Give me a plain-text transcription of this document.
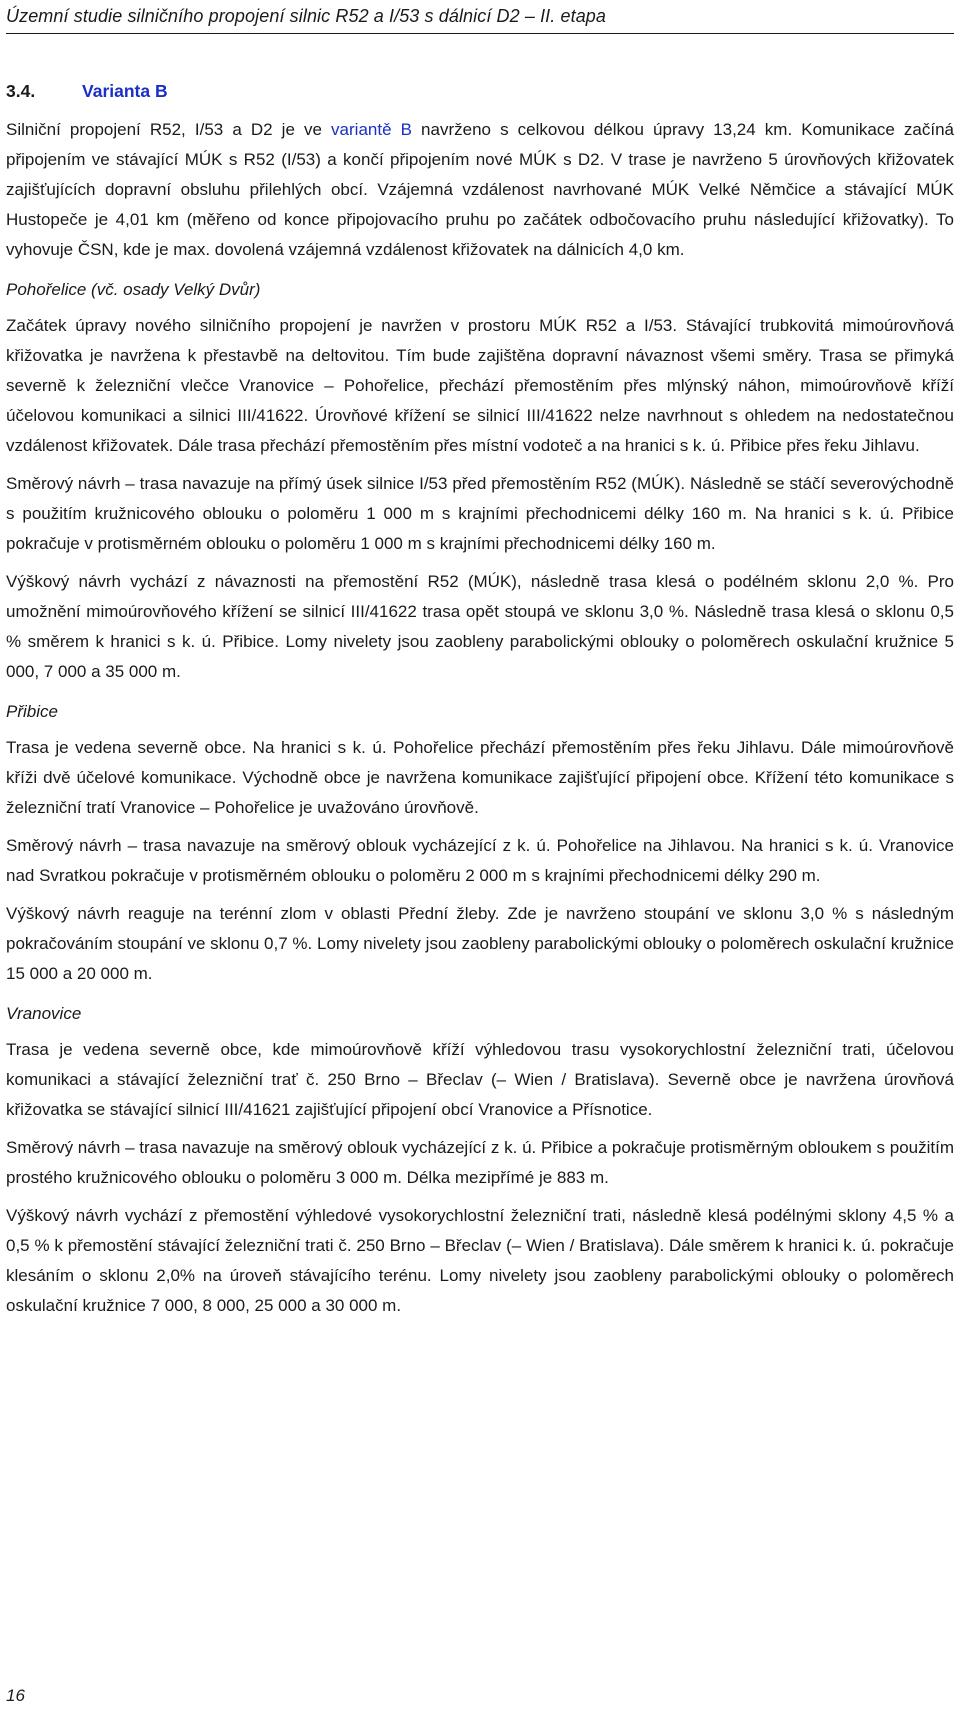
Územní studie silničního propojení silnic R52 a I/53 s dálnicí D2 – II. etapa
3.4.	Varianta B

Silniční propojení R52, I/53 a D2 je ve variantě B navrženo s celkovou délkou úpravy 13,24 km. Komunikace začíná připojením ve stávající MÚK s R52 (I/53) a končí připojením nové MÚK s D2. V trase je navrženo 5 úrovňových křižovatek zajišťujících dopravní obsluhu přilehlých obcí. Vzájemná vzdálenost navrhované MÚK Velké Němčice a stávající MÚK Hustopeče je 4,01 km (měřeno od konce připojovacího pruhu po začátek odbočovacího pruhu následující křižovatky). To vyhovuje ČSN, kde je max. dovolená vzájemná vzdálenost křižovatek na dálnicích 4,0 km.

Pohořelice (vč. osady Velký Dvůr)

Začátek úpravy nového silničního propojení je navržen v prostoru MÚK R52 a I/53. Stávající trubkovitá mimoúrovňová křižovatka je navržena k přestavbě na deltovitou. Tím bude zajištěna dopravní návaznost všemi směry. Trasa se přimyká severně k železniční vlečce Vranovice – Pohořelice, přechází přemostěním přes mlýnský náhon, mimoúrovňově kříží účelovou komunikaci a silnici III/41622. Úrovňové křížení se silnicí III/41622 nelze navrhnout s ohledem na nedostatečnou vzdálenost křižovatek. Dále trasa přechází přemostěním přes místní vodoteč a na hranici s k. ú. Přibice přes řeku Jihlavu.

Směrový návrh – trasa navazuje na přímý úsek silnice I/53 před přemostěním R52 (MÚK). Následně se stáčí severovýchodně s použitím kružnicového oblouku o poloměru 1 000 m s krajními přechodnicemi délky 160 m. Na hranici s k. ú. Přibice pokračuje v protisměrném oblouku o poloměru 1 000 m s krajními přechodnicemi délky 160 m.

Výškový návrh vychází z návaznosti na přemostění R52 (MÚK), následně trasa klesá o podélném sklonu 2,0 %. Pro umožnění mimoúrovňového křížení se silnicí III/41622 trasa opět stoupá ve sklonu 3,0 %. Následně trasa klesá o sklonu 0,5 % směrem k hranici s k. ú. Přibice. Lomy nivelety jsou zaobleny parabolickými oblouky o poloměrech oskulační kružnice 5 000, 7 000 a 35 000 m.

Přibice

Trasa je vedena severně obce. Na hranici s k. ú. Pohořelice přechází přemostěním přes řeku Jihlavu. Dále mimoúrovňově kříži dvě účelové komunikace. Východně obce je navržena komunikace zajišťující připojení obce. Křížení této komunikace s železniční tratí Vranovice – Pohořelice je uvažováno úrovňově.

Směrový návrh – trasa navazuje na směrový oblouk vycházející z k. ú. Pohořelice na Jihlavou. Na hranici s k. ú. Vranovice nad Svratkou pokračuje v protisměrném oblouku o poloměru 2 000 m s krajními přechodnicemi délky 290 m.

Výškový návrh reaguje na terénní zlom v oblasti Přední žleby. Zde je navrženo stoupání ve sklonu 3,0 % s následným pokračováním stoupání ve sklonu 0,7 %. Lomy nivelety jsou zaobleny parabolickými oblouky o poloměrech oskulační kružnice 15 000 a 20 000 m.

Vranovice

Trasa je vedena severně obce, kde mimoúrovňově kříží výhledovou trasu vysokorychlostní železniční trati, účelovou komunikaci a stávající železniční trať č. 250 Brno – Břeclav (– Wien / Bratislava). Severně obce je navržena úrovňová křižovatka se stávající silnicí III/41621 zajišťující připojení obcí Vranovice a Přísnotice.

Směrový návrh – trasa navazuje na směrový oblouk vycházející z k. ú. Přibice a pokračuje protisměrným obloukem s použitím prostého kružnicového oblouku o poloměru 3 000 m. Délka mezipřímé je 883 m.

Výškový návrh vychází z přemostění výhledové vysokorychlostní železniční trati, následně klesá podélnými sklony 4,5 % a 0,5 % k přemostění stávající železniční trati č. 250 Brno – Břeclav (– Wien / Bratislava). Dále směrem k hranici k. ú. pokračuje klesáním o sklonu 2,0% na úroveň stávajícího terénu. Lomy nivelety jsou zaobleny parabolickými oblouky o poloměrech oskulační kružnice 7 000, 8 000, 25 000 a 30 000 m.

16
